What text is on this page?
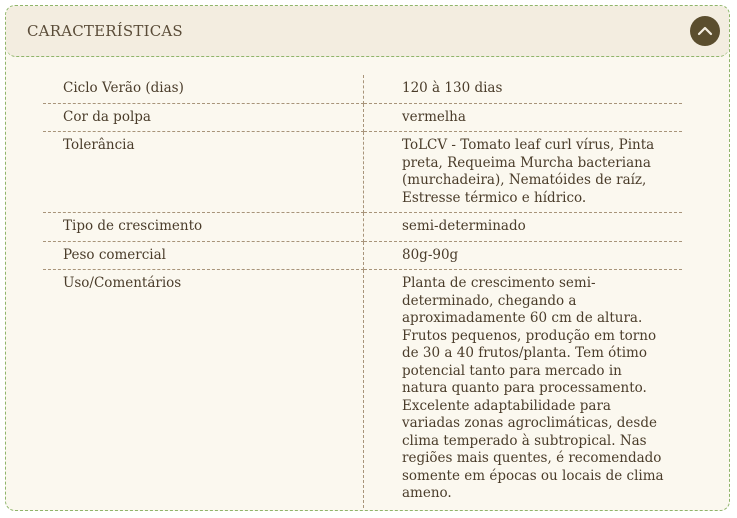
CARACTERÍSTICAS
Ciclo Verão (dias)	120 à 130 dias
Cor da polpa	vermelha
Tolerância	ToLCV - Tomato leaf curl vírus, Pinta preta, Requeima Murcha bacteriana (murchadeira), Nematóides de raíz, Estresse térmico e hídrico.
Tipo de crescimento	semi-determinado
Peso comercial	80g-90g
Uso/Comentários	Planta de crescimento semi-determinado, chegando a aproximadamente 60 cm de altura. Frutos pequenos, produção em torno de 30 a 40 frutos/planta. Tem ótimo potencial tanto para mercado in natura quanto para processamento. Excelente adaptabilidade para variadas zonas agroclimáticas, desde clima temperado à subtropical. Nas regiões mais quentes, é recomendado somente em épocas ou locais de clima ameno.
